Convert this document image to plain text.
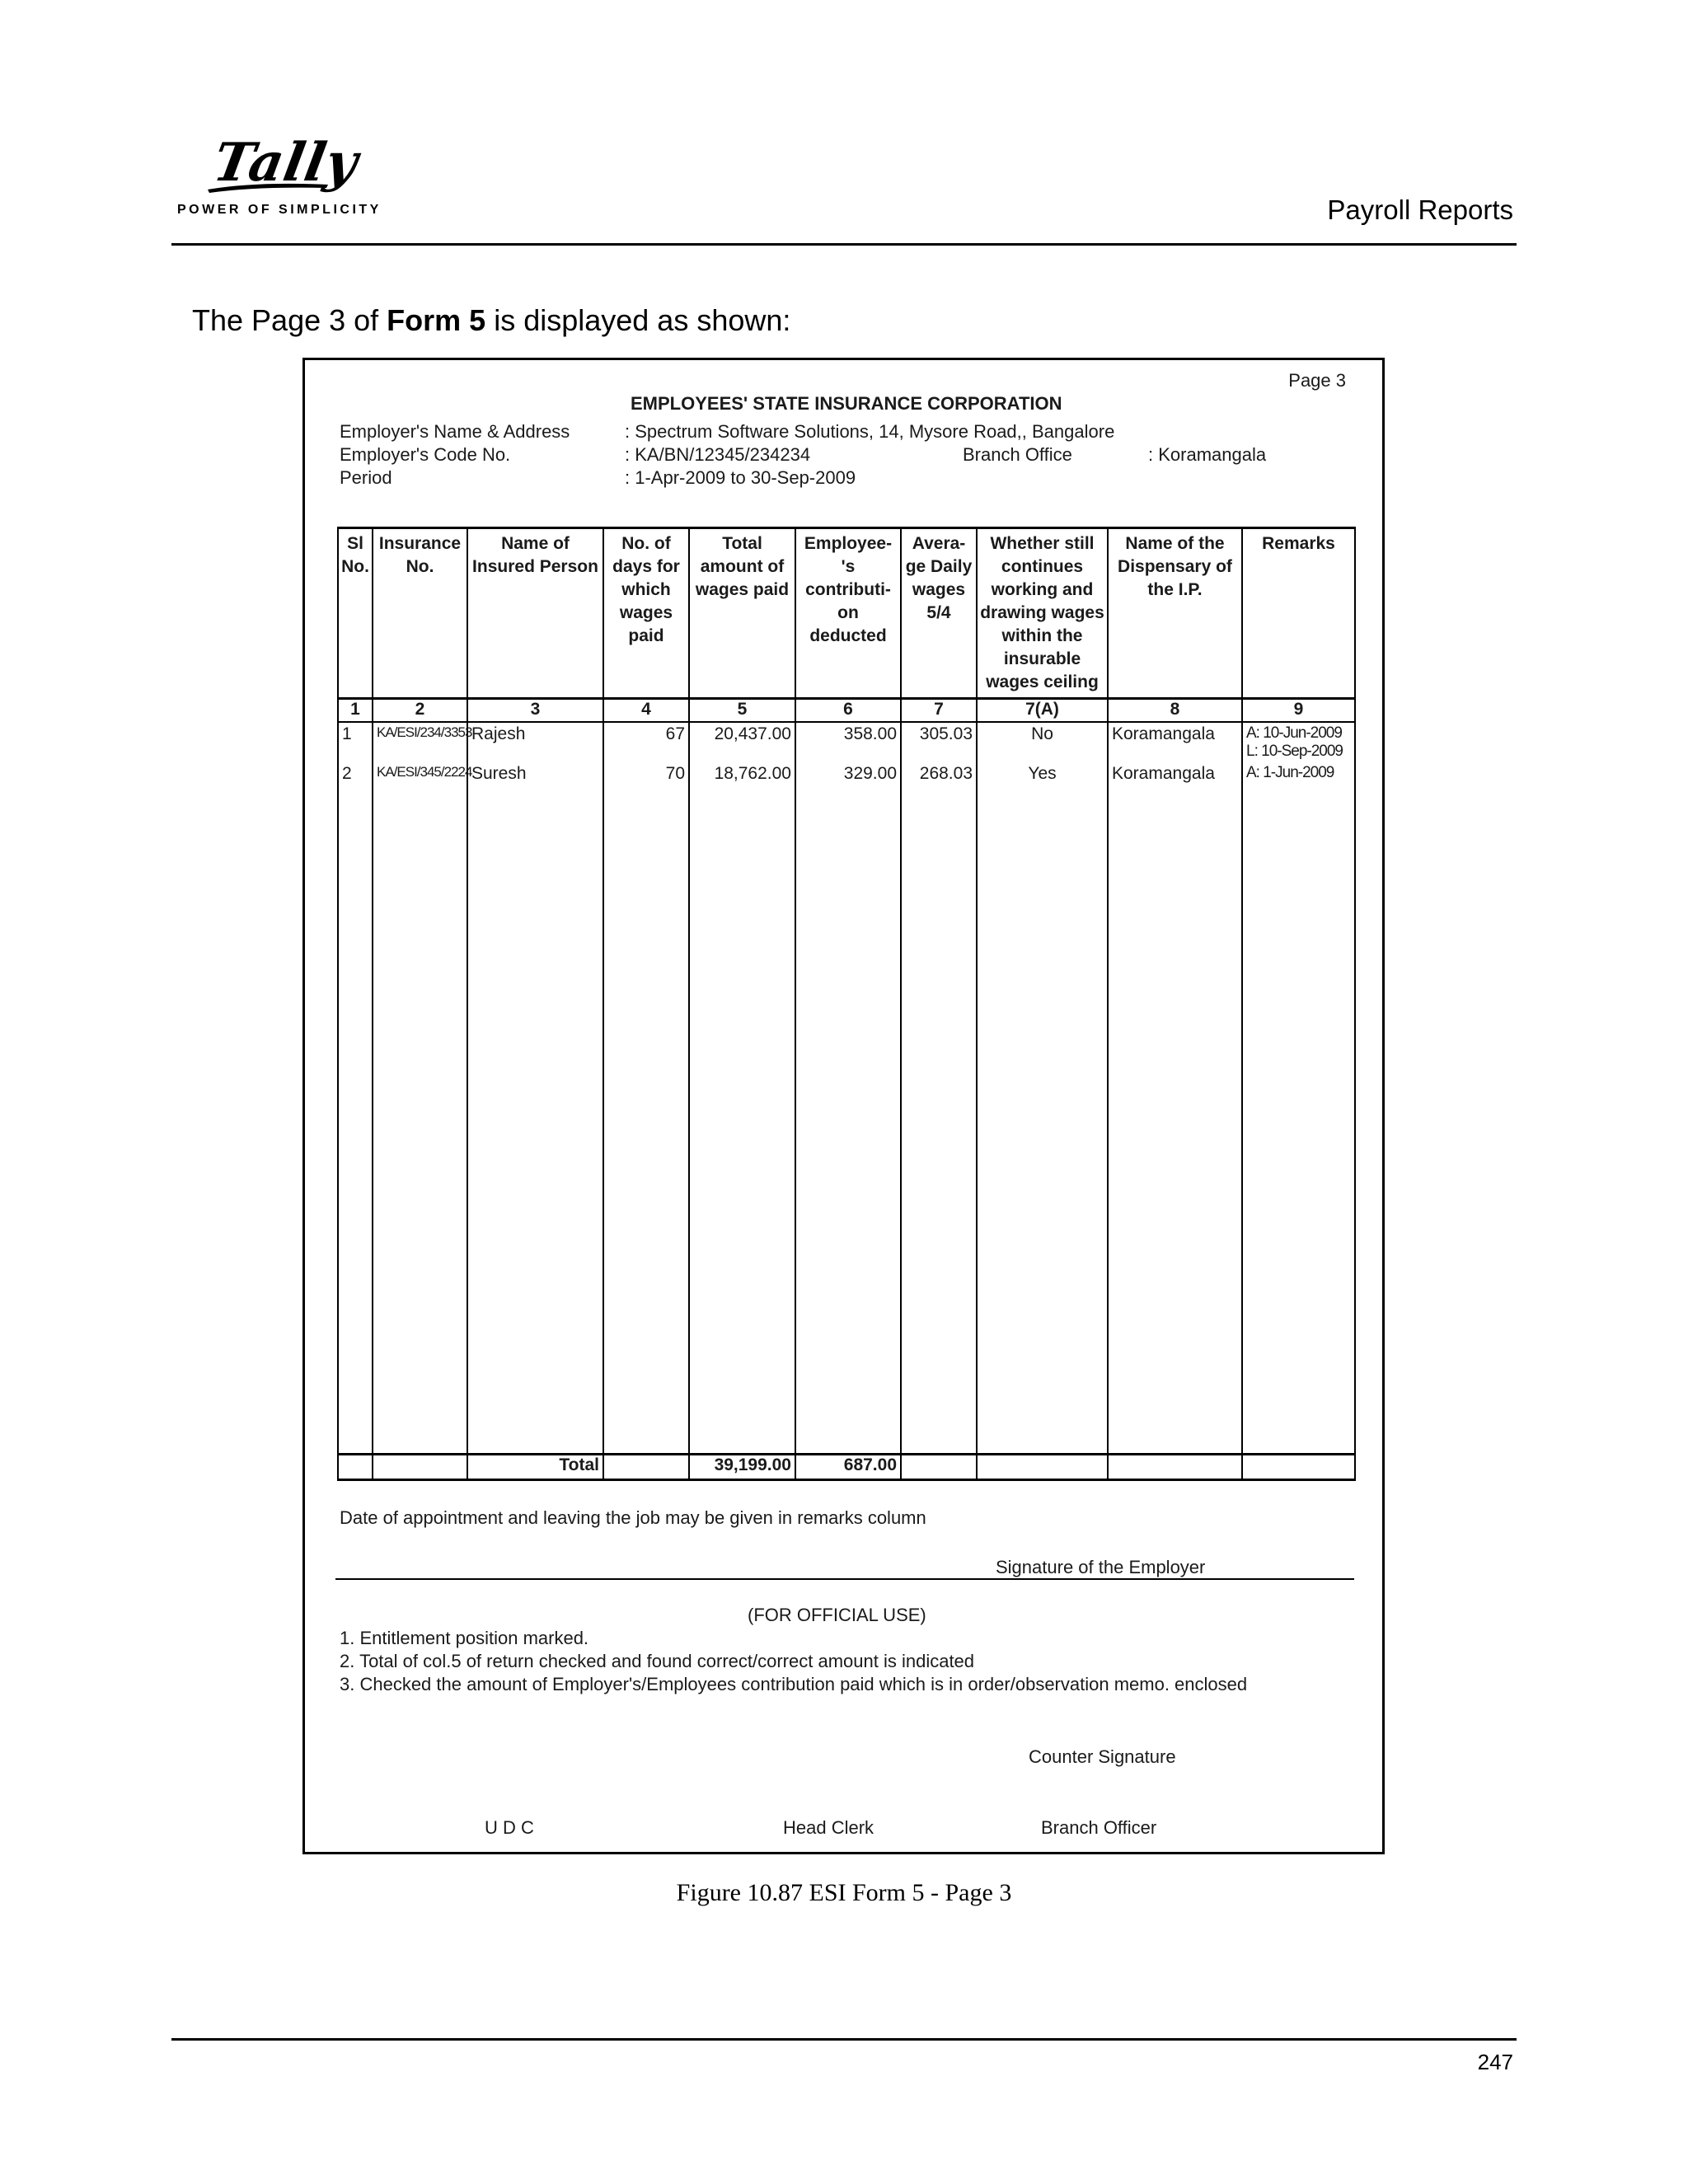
Tally
POWER OF SIMPLICITY	Payroll Reports
The Page 3 of Form 5 is displayed as shown:
Page 3
EMPLOYEES' STATE INSURANCE CORPORATION
Employer's Name & Address	: Spectrum Software Solutions, 14, Mysore Road,, Bangalore
Employer's Code No.	: KA/BN/12345/234234	Branch Office	: Koramangala
Period	: 1-Apr-2009 to 30-Sep-2009
Sl No.	Insurance No.	Name of Insured Person	No. of days for which wages paid	Total amount of wages paid	Employee-'s contributi-on deducted	Avera-ge Daily wages 5/4	Whether still continues working and drawing wages within the insurable wages ceiling	Name of the Dispensary of the I.P.	Remarks
1	2	3	4	5	6	7	7(A)	8	9
1	KA/ESI/234/3353	Rajesh	67	20,437.00	358.00	305.03	No	Koramangala	A: 10-Jun-2009
L: 10-Sep-2009

2	KA/ESI/345/2224	Suresh	70	18,762.00	329.00	268.03	Yes	Koramangala	A: 1-Jun-2009

		Total		39,199.00	687.00				
Date of appointment and leaving the job may be given in remarks column
Signature of the Employer
(FOR OFFICIAL USE)
1. Entitlement position marked.
2. Total of col.5 of return checked and found correct/correct amount is indicated
3. Checked the amount of Employer's/Employees contribution paid which is in order/observation memo. enclosed
Counter Signature
U D C	Head Clerk	Branch Officer
Figure 10.87 ESI Form 5 - Page 3
247
